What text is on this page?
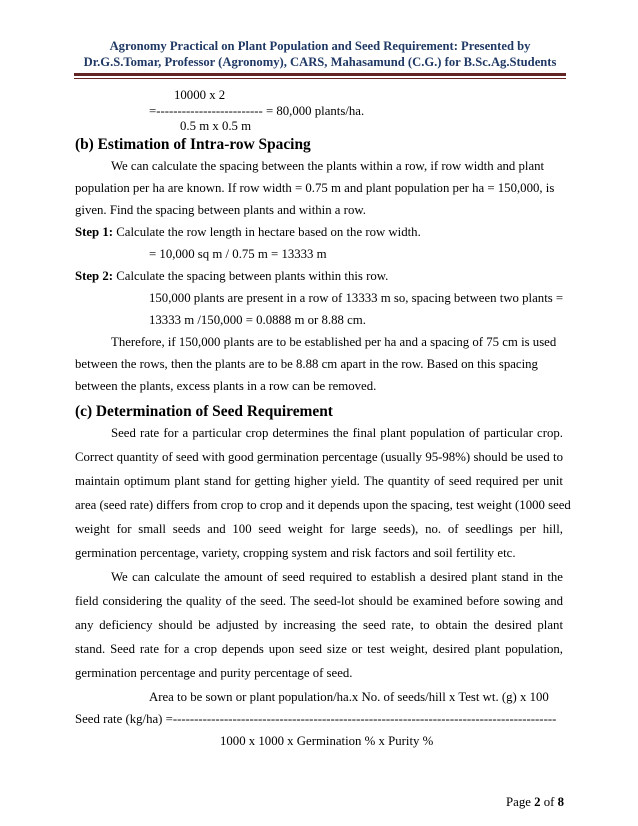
Agronomy Practical on Plant Population and Seed Requirement: Presented by
Dr.G.S.Tomar, Professor (Agronomy), CARS, Mahasamund (C.G.) for B.Sc.Ag.Students
10000 x 2
=------------------------- = 80,000 plants/ha.
0.5 m x 0.5 m
(b) Estimation of Intra-row Spacing
We can calculate the spacing between the plants within a row, if row width and plant
population per ha are known. If row width = 0.75 m and plant population per ha = 150,000, is
given. Find the spacing between plants and within a row.
Step 1: Calculate the row length in hectare based on the row width.
= 10,000 sq m / 0.75 m = 13333 m
Step 2: Calculate the spacing between plants within this row.
150,000 plants are present in a row of 13333 m so, spacing between two plants =
13333 m /150,000 = 0.0888 m or 8.88 cm.
Therefore, if 150,000 plants are to be established per ha and a spacing of 75 cm is used
between the rows, then the plants are to be 8.88 cm apart in the row. Based on this spacing
between the plants, excess plants in a row can be removed.
(c) Determination of Seed Requirement
Seed rate for a particular crop determines the final plant population of particular crop.
Correct quantity of seed with good germination percentage (usually 95-98%) should be used to
maintain optimum plant stand for getting higher yield. The quantity of seed required per unit
area (seed rate) differs from crop to crop and it depends upon the spacing, test weight (1000 seed
weight for small seeds and 100 seed weight for large seeds), no. of seedlings per hill,
germination percentage, variety, cropping system and risk factors and soil fertility etc.
We can calculate the amount of seed required to establish a desired plant stand in the
field considering the quality of the seed. The seed-lot should be examined before sowing and
any deficiency should be adjusted by increasing the seed rate, to obtain the desired plant
stand. Seed rate for a crop depends upon seed size or test weight, desired plant population,
germination percentage and purity percentage of seed.
Area to be sown or plant population/ha.x No. of seeds/hill x Test wt. (g) x 100
Seed rate (kg/ha) =------------------------------------------------------------------------------------------
1000 x 1000 x Germination % x Purity %
Page 2 of 8
